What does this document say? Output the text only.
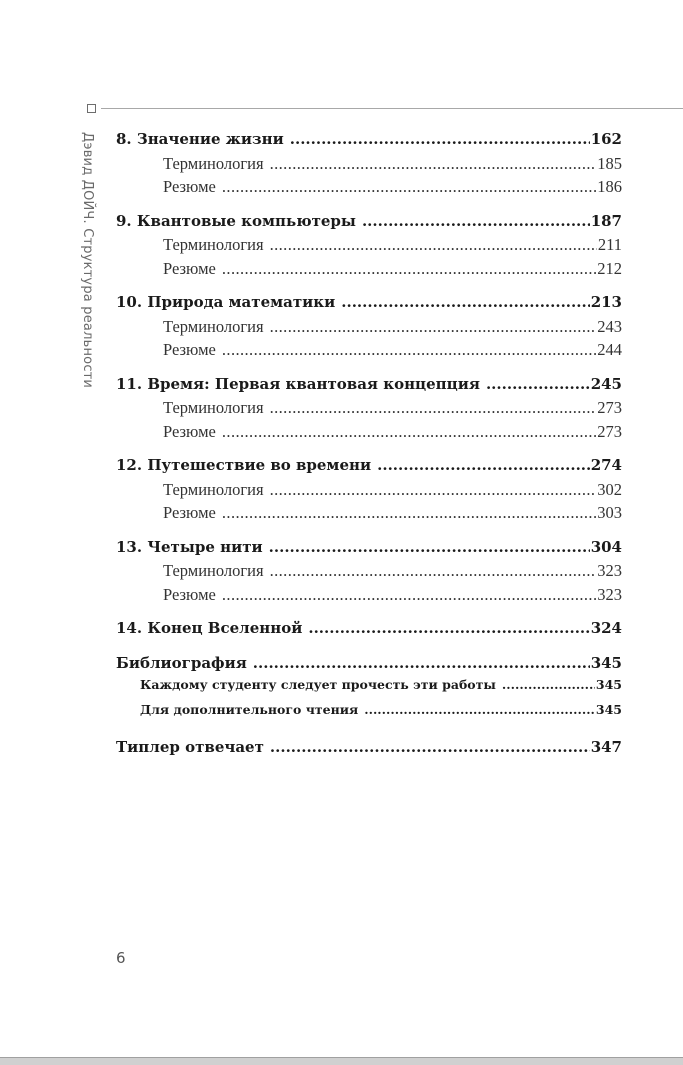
Дэвид ДОЙЧ. Структура реальности 8. Значение жизни .....	162
Терминология .....	185
Резюме .....	186
9. Квантовые компьютеры .....	187
Терминология .....	211
Резюме .....	212
10. Природа математики .....	213
Терминология .....	243
Резюме .....	244
11. Время: Первая квантовая концепция .....	245
Терминология .....	273
Резюме .....	273
12. Путешествие во времени .....	274
Терминология .....	302
Резюме .....	303
13. Четыре нити .....	304
Терминология .....	323
Резюме .....	323
14. Конец Вселенной .....	324
Библиография .....	345
Каждому студенту следует прочесть эти работы .....	345
Для дополнительного чтения .....	345
Типлер отвечает .....	347
6
